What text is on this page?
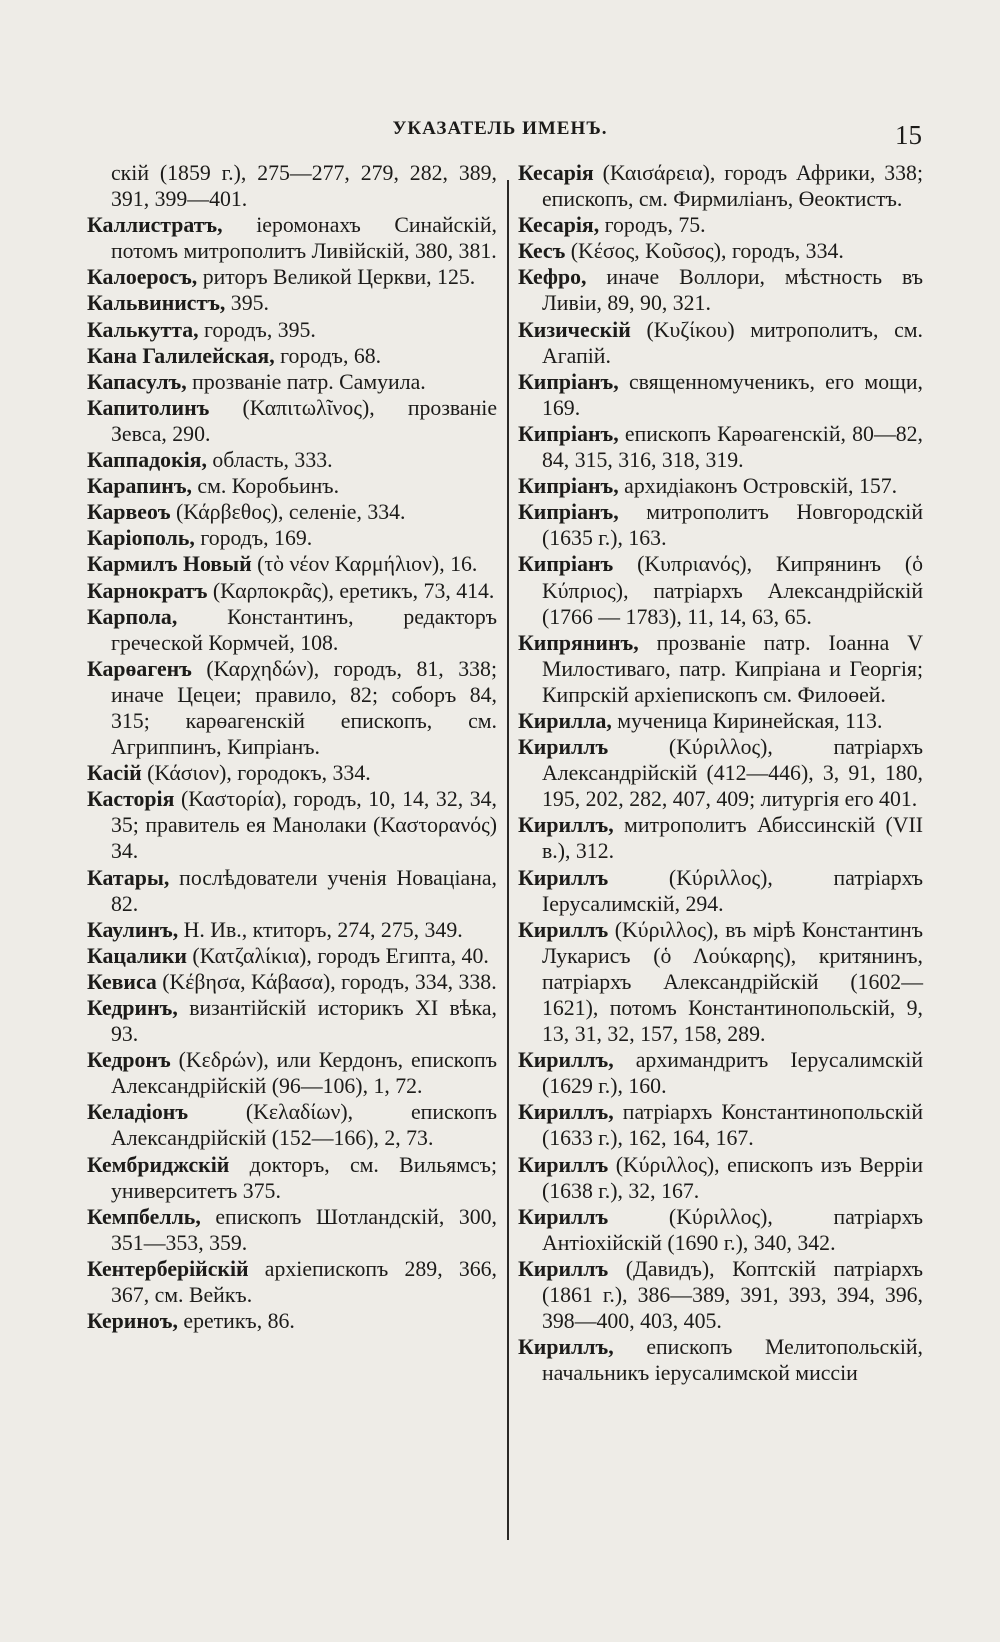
УКАЗАТЕЛЬ ИМЕНЪ.	15

скій (1859 г.), 275—277, 279, 282, 389, 391, 399—401.

Каллистратъ, іеромонахъ Синайскій, потомъ митрополитъ Ливійскій, 380, 381.

Калоеросъ, риторъ Великой Церкви, 125.

Кальвинистъ, 395.

Калькутта, городъ, 395.

Кана Галилейская, городъ, 68.

Капасулъ, прозваніе патр. Самуила.

Капитолинъ (Καπιτωλῖνος), прозваніе Зевса, 290.

Каппадокія, область, 333.

Карапинъ, см. Коробьинъ.

Карвеоъ (Κάρβεθος), селеніе, 334.

Каріополь, городъ, 169.

Кармилъ Новый (τὸ νέον Καρμήλιον), 16.

Карнократъ (Καρποκρᾶς), еретикъ, 73, 414.

Карпола, Константинъ, редакторъ греческой Кормчей, 108.

Карөагенъ (Καρχηδών), городъ, 81, 338; иначе Цецеи; правило, 82; соборъ 84, 315; карөагенскій епископъ, см. Агриппинъ, Кипріанъ.

Касій (Κάσιον), городокъ, 334.

Касторія (Καστορία), городъ, 10, 14, 32, 34, 35; правитель ея Манолаки (Καστορανός) 34.

Катары, послѣдователи ученія Новаціана, 82.

Каулинъ, Н. Ив., ктиторъ, 274, 275, 349.

Кацалики (Κατζαλίκια), городъ Египта, 40.

Кевиса (Κέβησα, Κάβασα), городъ, 334, 338.

Кедринъ, византійскій историкъ XI вѣка, 93.

Кедронъ (Κεδρών), или Кердонъ, епископъ Александрійскій (96—106), 1, 72.

Келадіонъ (Κελαδίων), епископъ Александрійскій (152—166), 2, 73.

Кембриджскій докторъ, см. Вильямсъ; университетъ 375.

Кемпбелль, епископъ Шотландскій, 300, 351—353, 359.

Кентерберійскій архіепископъ 289, 366, 367, см. Вейкъ.

Кериноъ, еретикъ, 86.

Кесарія (Καισάρεια), городъ Африки, 338; епископъ, см. Фирмиліанъ, Өеоктистъ.

Кесарія, городъ, 75.

Кесъ (Κέσος, Κοῦσος), городъ, 334.

Кефро, иначе Воллори, мѣстность въ Ливіи, 89, 90, 321.

Кизическій (Κυζίκου) митрополитъ, см. Агапій.

Кипріанъ, священномученикъ, его мощи, 169.

Кипріанъ, епископъ Карөагенскій, 80—82, 84, 315, 316, 318, 319.

Кипріанъ, архидіаконъ Островскій, 157.

Кипріанъ, митрополитъ Новгородскій (1635 г.), 163.

Кипріанъ (Κυπριανός), Кипрянинъ (ὁ Κύπριος), патріархъ Александрійскій (1766 — 1783), 11, 14, 63, 65.

Кипрянинъ, прозваніе патр. Іоанна V Милостиваго, патр. Кипріана и Георгія; Кипрскій архіепископъ см. Филоөей.

Кирилла, мученица Киринейская, 113.

Кириллъ (Κύριλλος), патріархъ Александрійскій (412—446), 3, 91, 180, 195, 202, 282, 407, 409; литургія его 401.

Кириллъ, митрополитъ Абиссинскій (VII в.), 312.

Кириллъ (Κύριλλος), патріархъ Іерусалимскій, 294.

Кириллъ (Κύριλλος), въ мірѣ Константинъ Лукарисъ (ὁ Λούκαρης), критянинъ, патріархъ Александрійскій (1602—1621), потомъ Константинопольскій, 9, 13, 31, 32, 157, 158, 289.

Кириллъ, архимандритъ Іерусалимскій (1629 г.), 160.

Кириллъ, патріархъ Константинопольскій (1633 г.), 162, 164, 167.

Кириллъ (Κύριλλος), епископъ изъ Верріи (1638 г.), 32, 167.

Кириллъ (Κύριλλος), патріархъ Антіохійскій (1690 г.), 340, 342.

Кириллъ (Давидъ), Коптскій патріархъ (1861 г.), 386—389, 391, 393, 394, 396, 398—400, 403, 405.

Кириллъ, епископъ Мелитопольскій, начальникъ іерусалимской миссіи
